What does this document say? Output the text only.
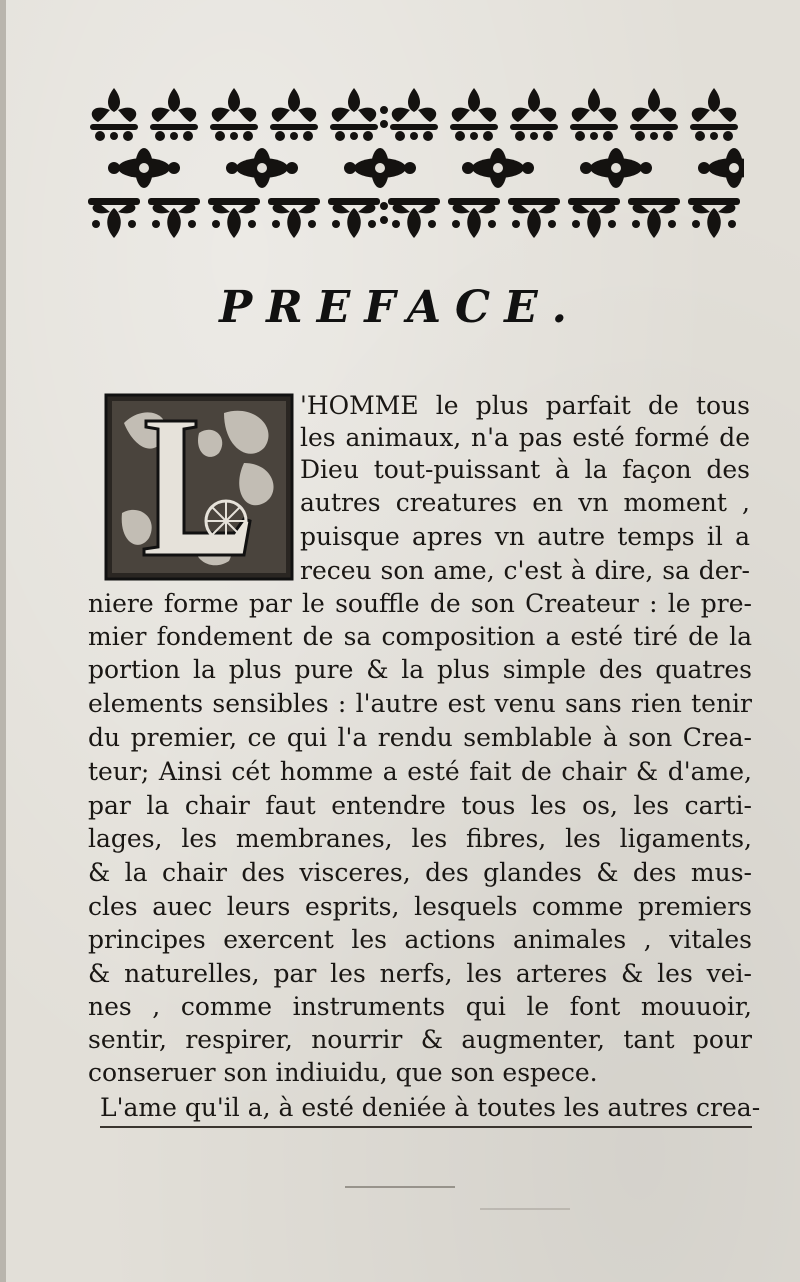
PREFACE.
'HOMME le plus parfait de tous
les animaux, n'a pas esté formé de
Dieu tout-puissant à la façon des
autres creatures en vn moment ,
puisque apres vn autre temps il a
receu son ame, c'est à dire, sa der-
niere forme par le souffle de son Createur : le pre-
mier fondement de sa composition a esté tiré de la
portion la plus pure & la plus simple des quatres
elements sensibles : l'autre est venu sans rien tenir
du premier, ce qui l'a rendu semblable à son Crea-
teur; Ainsi cét homme a esté fait de chair & d'ame,
par la chair faut entendre tous les os, les carti-
lages, les membranes, les fibres, les ligaments,
& la chair des visceres, des glandes & des mus-
cles auec leurs esprits, lesquels comme premiers
principes exercent les actions animales , vitales
& naturelles, par les nerfs, les arteres & les vei-
nes , comme instruments qui le font mouuoir,
sentir, respirer, nourrir & augmenter, tant pour
conseruer son indiuidu, que son espece.
L'ame qu'il a, à esté deniée à toutes les autres crea-
